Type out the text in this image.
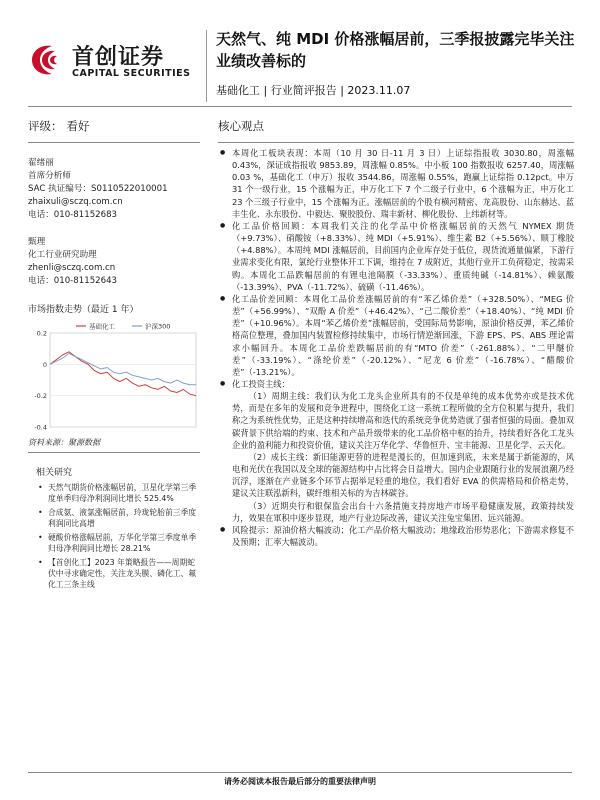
首创证券
CAPITAL SECURITIES
天然气、纯 MDI 价格涨幅居前，三季报披露完毕关注业绩改善标的
基础化工 | 行业简评报告 | 2023.11.07
评级： 看好
翟绪丽
首席分析师
SAC 执证编号：S0110522010001
zhaixuli@sczq.com.cn
电话：010-81152683
甄理
化工行业研究助理
zhenli@sczq.com.cn
电话：010-81152643
市场指数走势（最近 1 年）
0.2
0
-0.2
-0.4
基础化工	沪深300
资料来源：聚源数据
相关研究
• 天然气期货价格涨幅居前，卫星化学第三季度单季归母净利润同比增长 525.4%
• 合成氨、液氯涨幅居前，玲珑轮胎前三季度利润同比高增
• 硬酸价格涨幅居前，万华化学第三季度单季归母净利润同比增长 28.21%
• 【首创化工】2023 年策略报告——周期蛇伏中寻求确定性，关注龙头膜、磷化工、氟化工三条主线
核心观点
● 本周化工板块表现：本周（10 月 30 日-11 月 3 日）上证综指报收 3030.80，周涨幅 0.43%，深证成指报收 9853.89，周涨幅 0.85%。中小板 100 指数报收 6257.40，周涨幅 0.03 %，基础化工（申万）报收 3544.86，周涨幅 0.55%，跑赢上证综指 0.12pct。申万 31 个一级行业，15 个涨幅为正，申万化工下 7 个二级子行业中，6 个涨幅为正，申万化工 23 个三级子行业中，15 个涨幅为正。涨幅居前的个股有横河精密、龙高股份、山东赫达、蓝丰生化、永东股份、中毅达、聚胶股份、瑞丰新材、柳化股份、上纬新材等。
● 化工品价格回顾：本周我们关注的化学品中价格涨幅居前的天然气 NYMEX 期货（+9.73%）、硝酸铵（+8.33%）、纯 MDI（+5.91%）、维生素 B2（+5.56%）、顺丁橡胶（+4.88%）。本周纯 MDI 涨幅居前，目前国内企业库存处于低位，现货流通量偏紧，下游行业需求变化有限，氯纶行业整体开工下调，维持在 7 成附近，其他行业开工负荷稳定，按需采购。本周化工品跌幅居前的有锂电池隔膜（-33.33%）、重质纯碱（-14.81%）、赖氨酸（-13.39%）、PVA（-11.72%）、硫磺（-11.46%）。
● 化工品价差回顾：本周化工品价差涨幅居前的有“苯乙烯价差”（+328.50%）、“MEG 价差”（+56.99%）、“双酚 A 价差”（+46.42%）、“己二酸价差”（+18.40%）、“纯 MDI 价差”（+10.96%）。本周“苯乙烯价差”涨幅居前，受国际局势影响，原油价格反弹，苯乙烯价格高位整理，叠加国内装置检修持续集中，市场行情逆渐回涨，下游 EPS、PS、ABS 理论需求小幅回升。本周化工品价差跌幅居前的有“MTO 价差”（-261.88%）、“二甲醚价差”（-33.19%）、“涤纶价差”（-20.12%）、“尼龙 6 价差”（-16.78%）、“醋酸价差”（-13.21%）。
● 化工投资主线：
（1）周期主线：我们认为化工龙头企业所具有的不仅是单纯的成本优势亦或是技术优势，而是在多年的发展和竞争进程中，围绕化工这一系统工程所做的全方位积累与提升，我们称之为系统性优势，正是这种持续增高和迭代的系统竞争优势造就了强者恒强的局面。叠加双碳背景下供给端的约束、技术和产品升级带来的化工品价格中枢的抬升，持续看好各化工龙头企业的盈利能力和投资价值，建议关注万华化学、华鲁恒升、宝丰能源、卫星化学、云天化。
（2）成长主线：新旧能源更替的进程是漫长的，但加速到底，未来是属于新能源的，风电和光伏在我国以及全球的能源结构中占比将会日益增大。国内企业跟随行业的发展浪潮乃经沉浮，逐渐在产业链多个环节占据举足轻重的地位，我们看好 EVA 的供需格局和价格走势，建议关注联泓新科，碳纤维相关标的为吉林碳谷。
（3）近期央行和银保监会出台十六条措施支持房地产市场平稳健康发展，政策持续发力，效果在軍积中逐步显现，地产行业边际改善，建议关注兔宝集团、远兴能源。
● 风险提示：原油价格大幅波动；化工产品价格大幅波动；地缘政治形势恶化；下游需求修复不及预期；汇率大幅波动。
请务必阅读本报告最后部分的重要法律声明
